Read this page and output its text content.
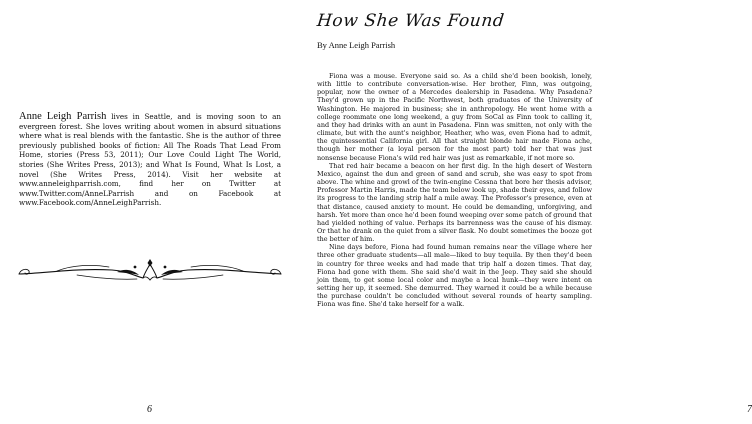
Anne Leigh Parrish lives in Seattle, and is moving soon to an evergreen forest. She loves writing about women in absurd situations where what is real blends with the fantastic. She is the author of three previously published books of fiction: All The Roads That Lead From Home, stories (Press 53, 2011); Our Love Could Light The World, stories (She Writes Press, 2013); and What Is Found, What Is Lost, a novel (She Writes Press, 2014). Visit her website at www.anneleighparrish.com, find her on Twitter at www.Twitter.com/AnneLParrish and on Facebook at www.Facebook.com/AnneLeighParrish.

6
How She Was Found

By Anne Leigh Parrish

Fiona was a mouse. Everyone said so. As a child she'd been bookish, lonely, with little to contribute conversation-wise. Her brother, Finn, was outgoing, popular, now the owner of a Mercedes dealership in Pasadena. Why Pasadena? They'd grown up in the Pacific Northwest, both graduates of the University of Washington. He majored in business; she in anthropology. He went home with a college roommate one long weekend, a guy from SoCal as Finn took to calling it, and they had drinks with an aunt in Pasadena. Finn was smitten, not only with the climate, but with the aunt's neighbor, Heather, who was, even Fiona had to admit, the quintessential California girl. All that straight blonde hair made Fiona ache, though her mother (a loyal person for the most part) told her that was just nonsense because Fiona's wild red hair was just as remarkable, if not more so.

That red hair became a beacon on her first dig. In the high desert of Western Mexico, against the dun and green of sand and scrub, she was easy to spot from above. The whine and growl of the twin-engine Cessna that bore her thesis advisor, Professor Martin Harris, made the team below look up, shade their eyes, and follow its progress to the landing strip half a mile away. The Professor's presence, even at that distance, caused anxiety to mount. He could be demanding, unforgiving, and harsh. Yet more than once he'd been found weeping over some patch of ground that had yielded nothing of value. Perhaps its barrenness was the cause of his dismay. Or that he drank on the quiet from a silver flask. No doubt sometimes the booze got the better of him.

Nine days before, Fiona had found human remains near the village where her three other graduate students—all male—liked to buy tequila. By then they'd been in country for three weeks and had made that trip half a dozen times. That day, Fiona had gone with them. She said she'd wait in the Jeep. They said she should join them, to get some local color and maybe a local hunk—they were intent on setting her up, it seemed. She demurred. They warned it could be a while because the purchase couldn't be concluded without several rounds of hearty sampling. Fiona was fine. She'd take herself for a walk.

7
